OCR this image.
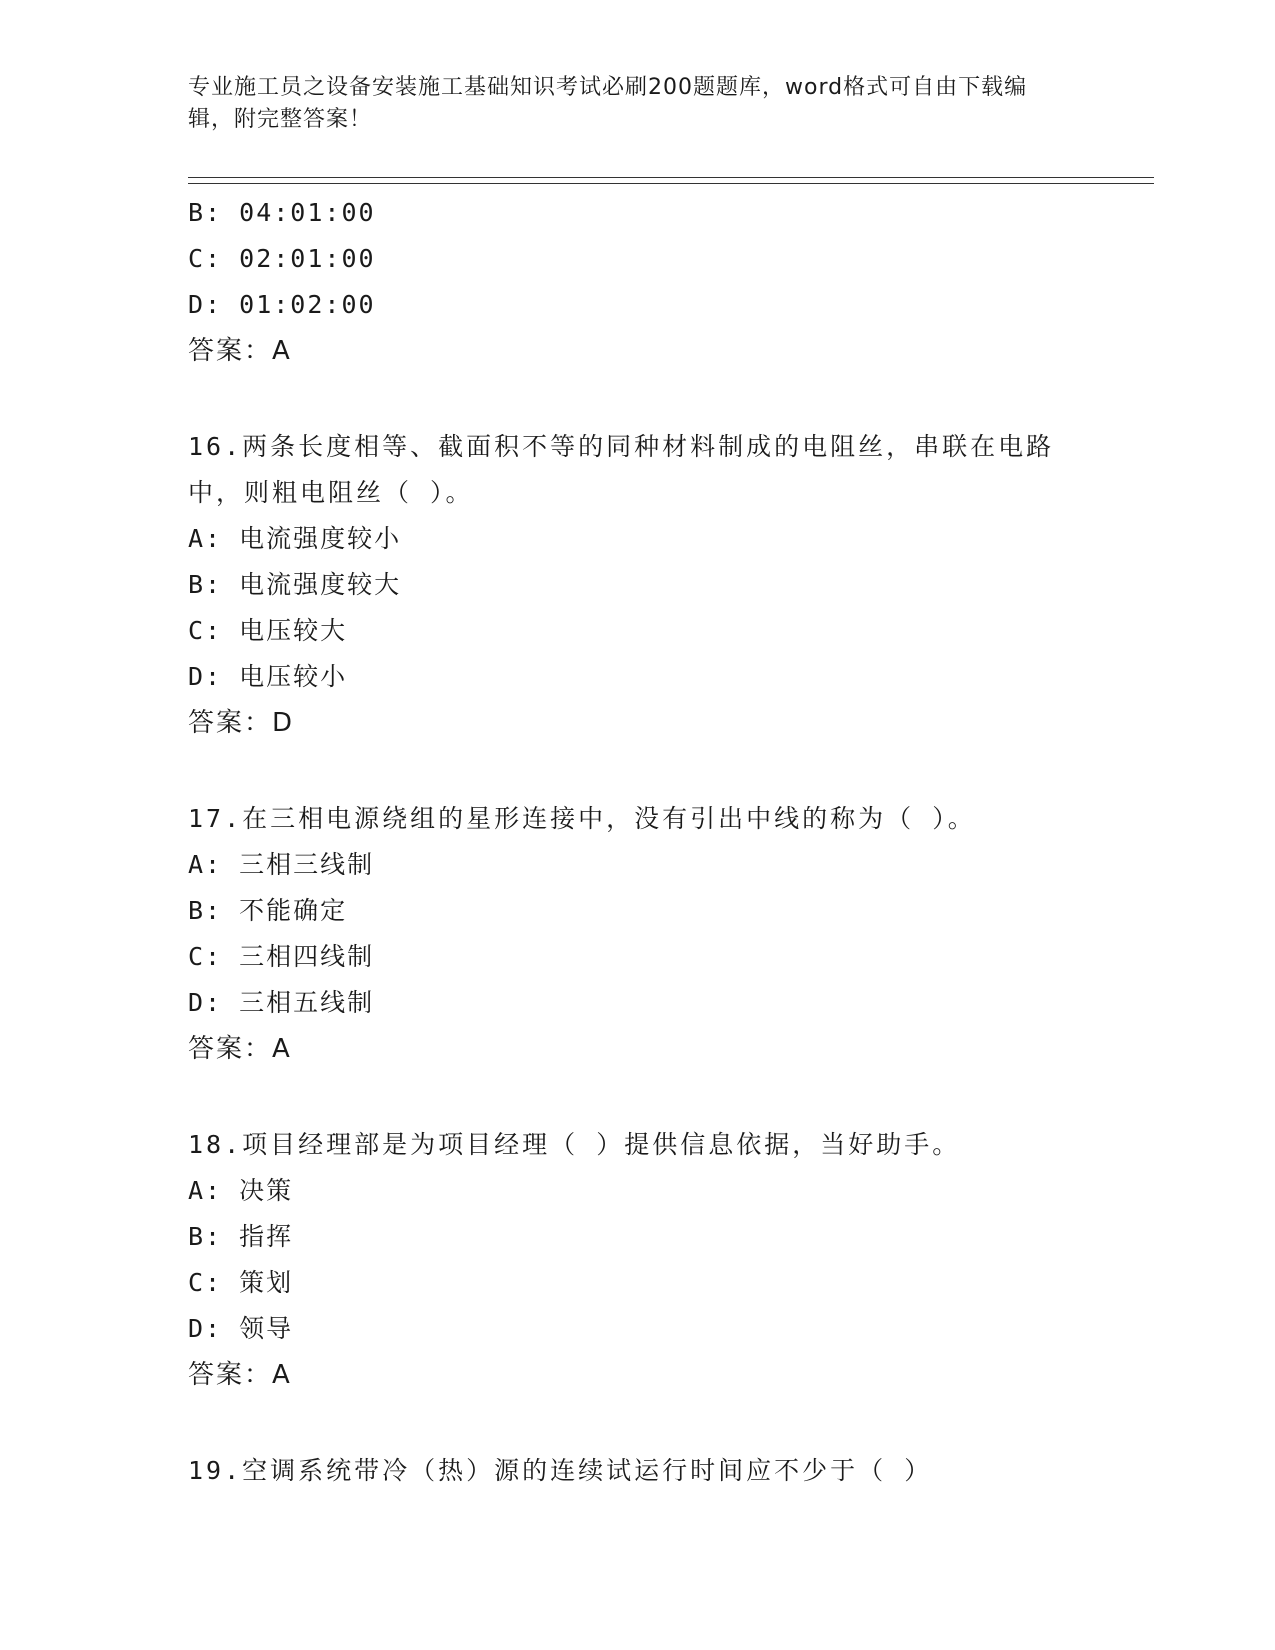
专业施工员之设备安装施工基础知识考试必刷200题题库，word格式可自由下载编辑，附完整答案！
B: 04:01:00
C: 02:01:00
D: 01:02:00
答案：A
16.两条长度相等、截面积不等的同种材料制成的电阻丝，串联在电路中，则粗电阻丝（ ）。
A: 电流强度较小
B: 电流强度较大
C: 电压较大
D: 电压较小
答案：D
17.在三相电源绕组的星形连接中，没有引出中线的称为（ ）。
A: 三相三线制
B: 不能确定
C: 三相四线制
D: 三相五线制
答案：A
18.项目经理部是为项目经理（ ）提供信息依据，当好助手。
A: 决策
B: 指挥
C: 策划
D: 领导
答案：A
19.空调系统带冷（热）源的连续试运行时间应不少于（ ）
